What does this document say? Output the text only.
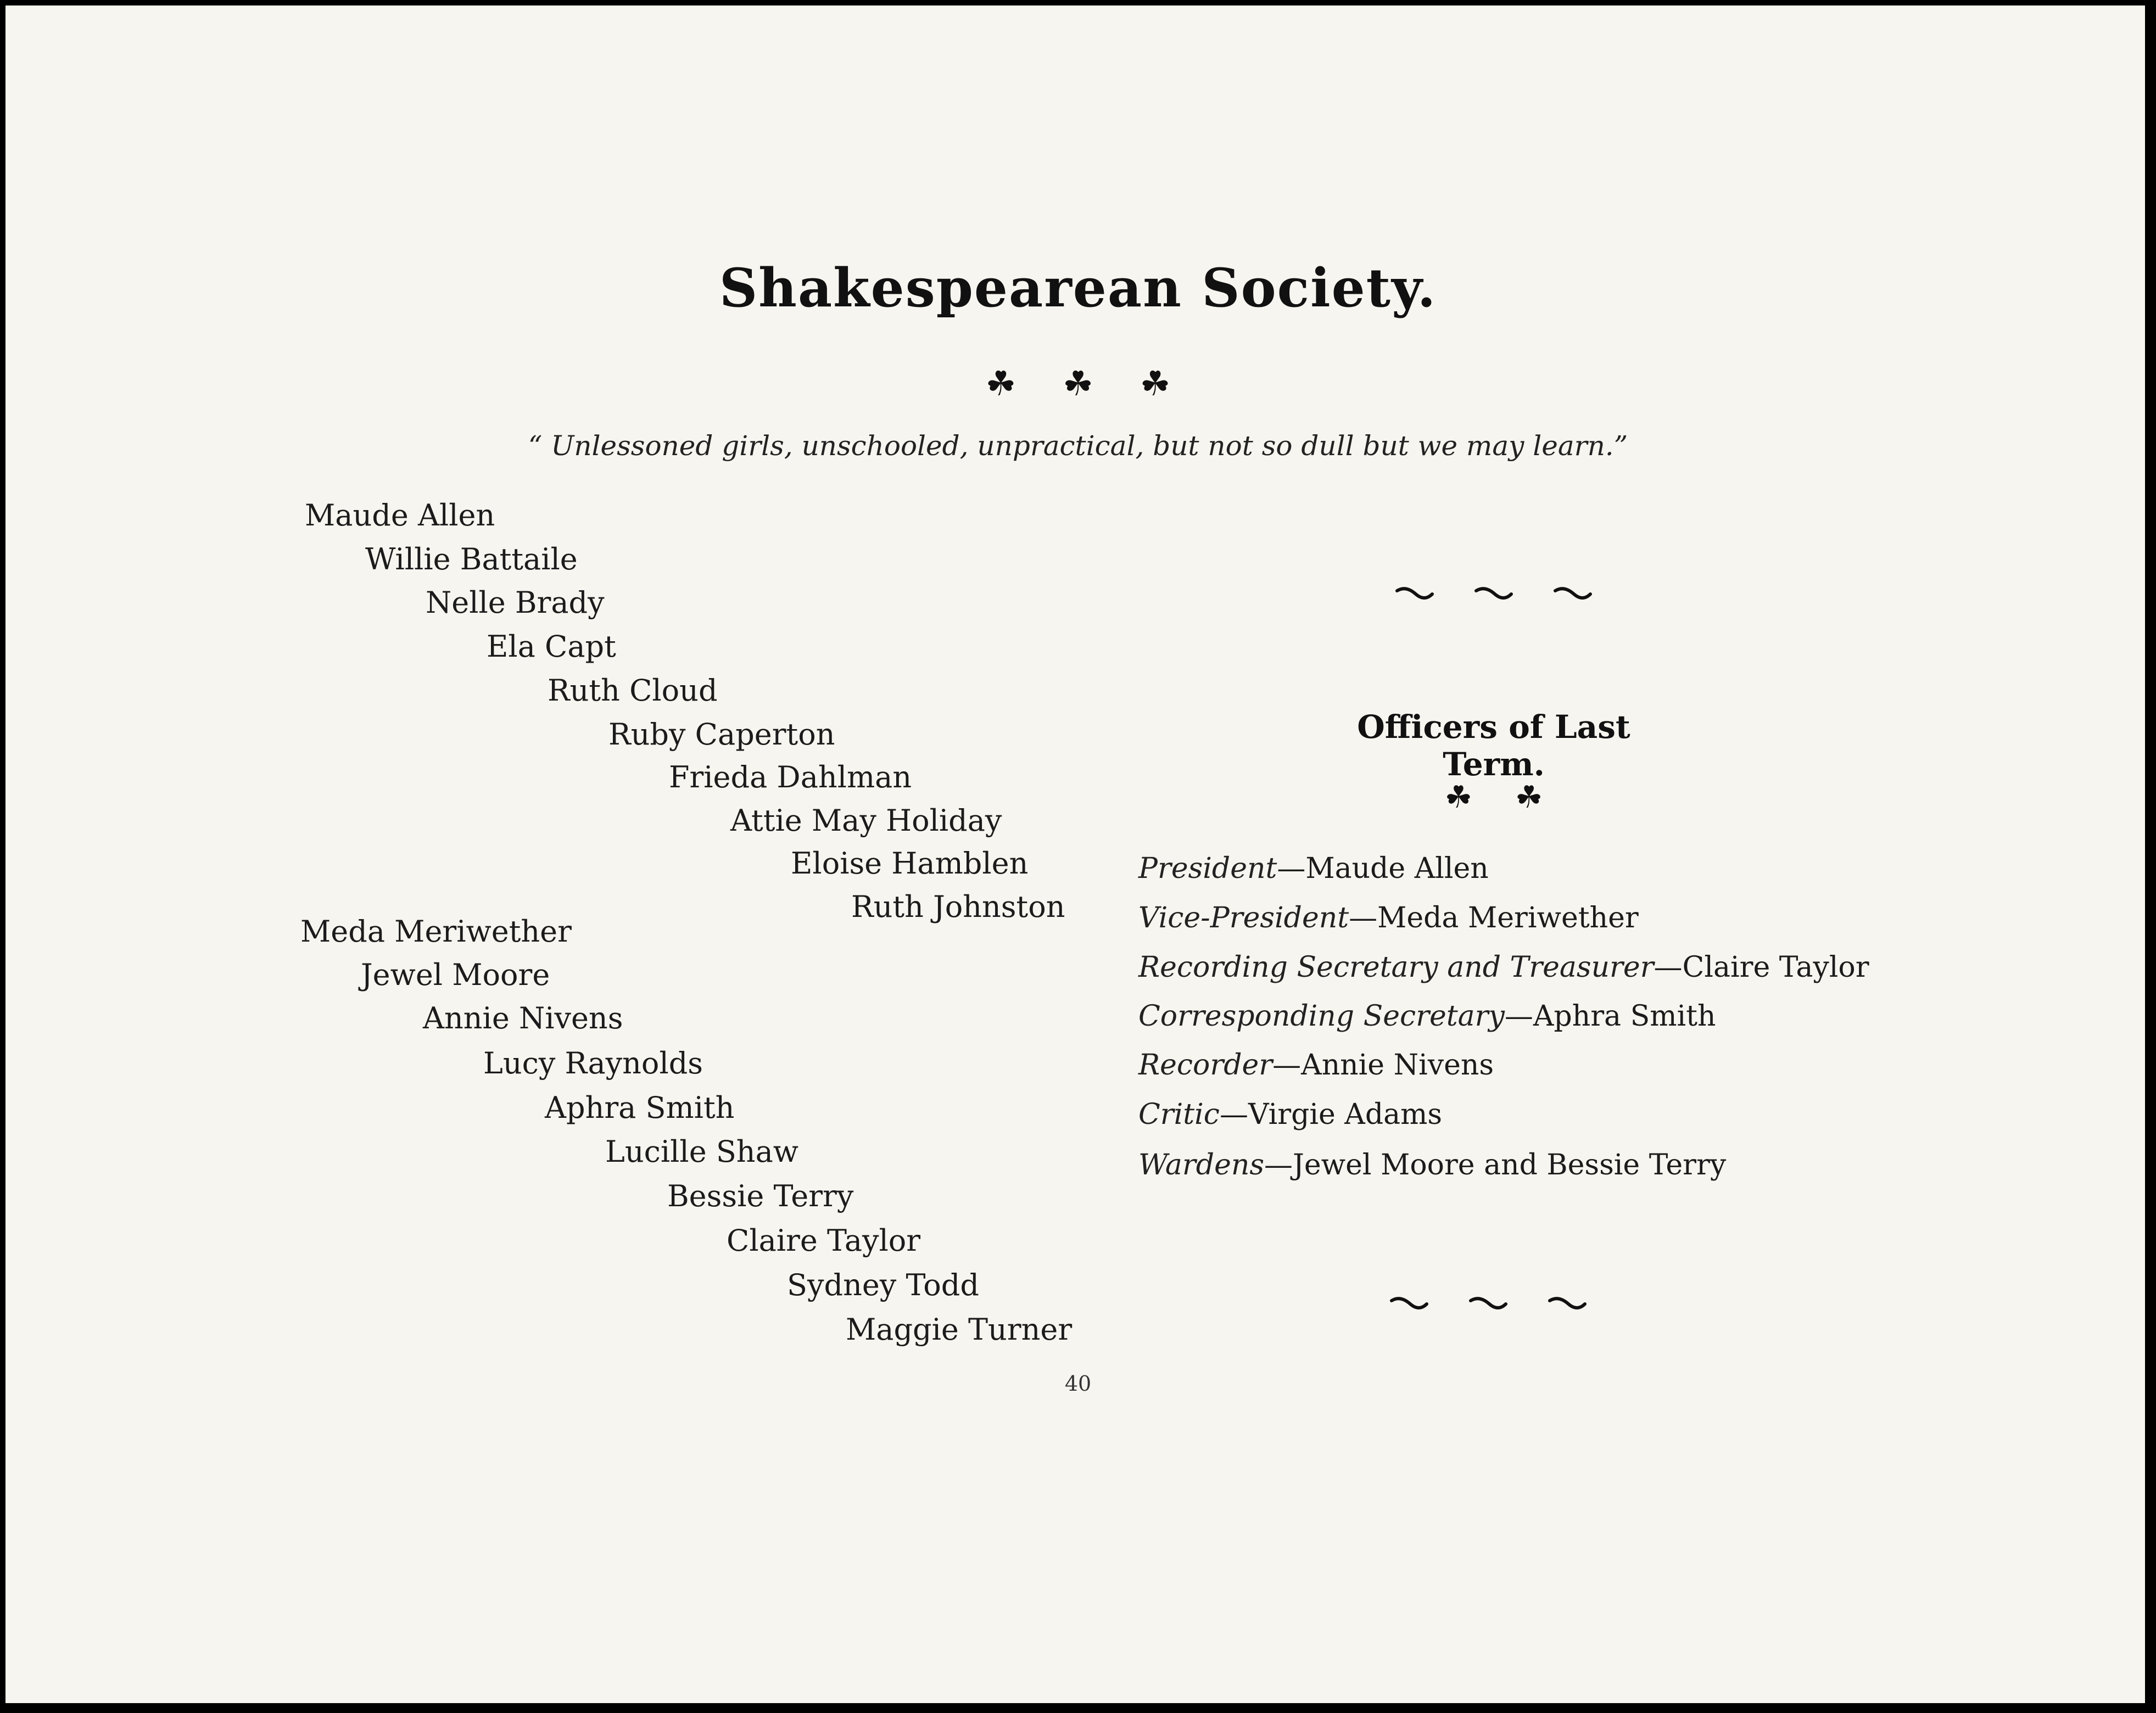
Shakespearean Society.
☘ ☘ ☘
“ Unlessoned girls, unschooled, unpractical, but not so dull but we may learn.”
Maude Allen
Willie Battaile
Nelle Brady
Ela Capt
Ruth Cloud
Ruby Caperton
Frieda Dahlman
Attie May Holiday
Eloise Hamblen
Ruth Johnston
Meda Meriwether
Jewel Moore
Annie Nivens
Lucy Raynolds
Aphra Smith
Lucille Shaw
Bessie Terry
Claire Taylor
Sydney Todd
Maggie Turner
Officers of Last Term.
☘ ☘
President—Maude Allen
Vice-President—Meda Meriwether
Recording Secretary and Treasurer—Claire Taylor
Corresponding Secretary—Aphra Smith
Recorder—Annie Nivens
Critic—Virgie Adams
Wardens—Jewel Moore and Bessie Terry
40
